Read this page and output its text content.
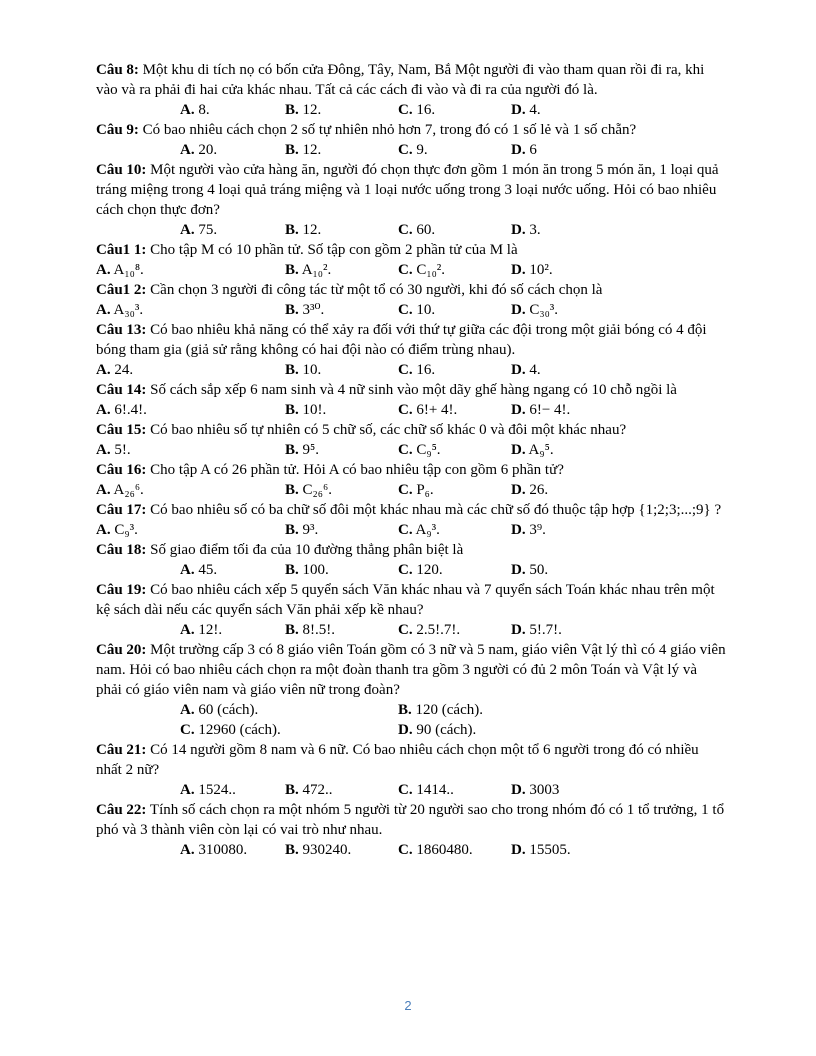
Câu 8: Một khu di tích nọ có bốn cửa Đông, Tây, Nam, Bắ Một người đi vào tham quan rồi đi ra, khi vào và ra phải đi hai cửa khác nhau. Tất cả các cách đi vào và đi ra của người đó là.

A. 8.	B. 12.	C. 16.	D. 4.

Câu 9: Có bao nhiêu cách chọn 2 số tự nhiên nhỏ hơn 7, trong đó có 1 số lẻ và 1 số chẵn?

A. 20.	B. 12.	C. 9.	D. 6

Câu 10: Một người vào cửa hàng ăn, người đó chọn thực đơn gồm 1 món ăn trong 5 món ăn, 1 loại quả tráng miệng trong 4 loại quả tráng miệng và 1 loại nước uống trong 3 loại nước uống. Hỏi có bao nhiêu cách chọn thực đơn?

A. 75.	B. 12.	C. 60.	D. 3.

Câu1 1: Cho tập M có 10 phần tử. Số tập con gồm 2 phần tử của M là

A. A₁₀⁸.	B. A₁₀².	C. C₁₀².	D. 10².

Câu1 2: Cần chọn 3 người đi công tác từ một tổ có 30 người, khi đó số cách chọn là

A. A₃₀³.	B. 3³⁰.	C. 10.	D. C₃₀³.

Câu 13: Có bao nhiêu khả năng có thể xảy ra đối với thứ tự giữa các đội trong một giải bóng có 4 đội bóng tham gia (giả sử rằng không có hai đội nào có điểm trùng nhau).

A. 24.	B. 10.	C. 16.	D. 4.

Câu 14: Số cách sắp xếp 6 nam sinh và 4 nữ sinh vào một dãy ghế hàng ngang có 10 chỗ ngồi là

A. 6!.4!.	B. 10!.	C. 6!+ 4!.	D. 6!− 4!.

Câu 15: Có bao nhiêu số tự nhiên có 5 chữ số, các chữ số khác 0 và đôi một khác nhau?

A. 5!.	B. 9⁵.	C. C₉⁵.	D. A₉⁵.

Câu 16: Cho tập A có 26 phần tử. Hỏi A có bao nhiêu tập con gồm 6 phần tử?

A. A₂₆⁶.	B. C₂₆⁶.	C. P₆.	D. 26.

Câu 17: Có bao nhiêu số có ba chữ số đôi một khác nhau mà các chữ số đó thuộc tập hợp {1;2;3;...;9} ?

A. C₉³.	B. 9³.	C. A₉³.	D. 3⁹.

Câu 18: Số giao điểm tối đa của 10 đường thẳng phân biệt là

A. 45.	B. 100.	C. 120.	D. 50.

Câu 19: Có bao nhiêu cách xếp 5 quyển sách Văn khác nhau và 7 quyển sách Toán khác nhau trên một kệ sách dài nếu các quyển sách Văn phải xếp kề nhau?

A. 12!.	B. 8!.5!.	C. 2.5!.7!.	D. 5!.7!.

Câu 20: Một trường cấp 3 có 8 giáo viên Toán gồm có 3 nữ và 5 nam, giáo viên Vật lý thì có 4 giáo viên nam. Hỏi có bao nhiêu cách chọn ra một đoàn thanh tra gồm 3 người có đủ 2 môn Toán và Vật lý và phải có giáo viên nam và giáo viên nữ trong đoàn?

A. 60 (cách).	B. 120 (cách).
C. 12960 (cách).	D. 90 (cách).

Câu 21: Có 14 người gồm 8 nam và 6 nữ. Có bao nhiêu cách chọn một tổ 6 người trong đó có nhiều nhất 2 nữ?

A. 1524..	B. 472..	C. 1414..	D. 3003

Câu 22: Tính số cách chọn ra một nhóm 5 người từ 20 người sao cho trong nhóm đó có 1 tổ trưởng, 1 tổ phó và 3 thành viên còn lại có vai trò như nhau.

A. 310080.	B. 930240.	C. 1860480.	D. 15505.
2
